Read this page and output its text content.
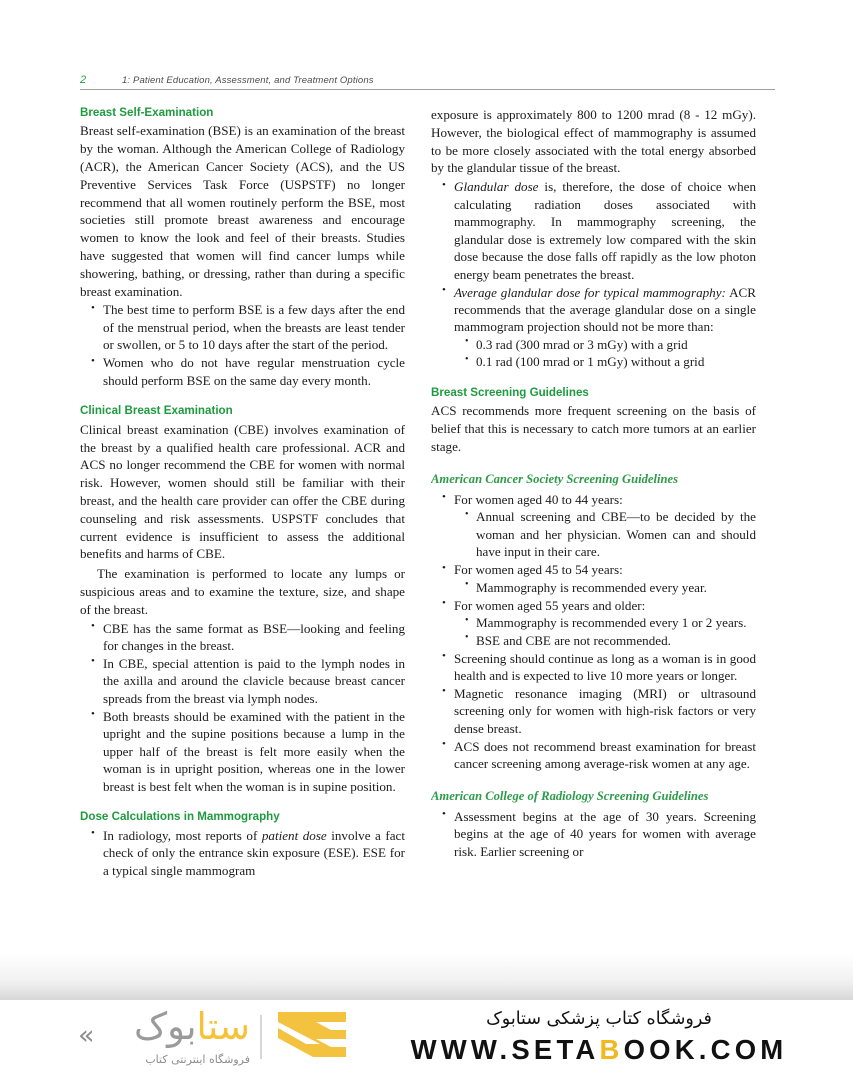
2	1: Patient Education, Assessment, and Treatment Options
Breast Self-Examination

Breast self-examination (BSE) is an examination of the breast by the woman. Although the American College of Radiology (ACR), the American Cancer Society (ACS), and the US Preventive Services Task Force (USPSTF) no longer recommend that all women routinely perform the BSE, most societies still promote breast awareness and encourage women to know the look and feel of their breasts. Studies have suggested that women will find cancer lumps while showering, bathing, or dressing, rather than during a specific breast examination.

• The best time to perform BSE is a few days after the end of the menstrual period, when the breasts are least tender or swollen, or 5 to 10 days after the start of the period.
• Women who do not have regular menstruation cycle should perform BSE on the same day every month.
Clinical Breast Examination

Clinical breast examination (CBE) involves examination of the breast by a qualified health care professional. ACR and ACS no longer recommend the CBE for women with normal risk. However, women should still be familiar with their breast, and the health care provider can offer the CBE during counseling and risk assessments. USPSTF concludes that current evidence is insufficient to assess the additional benefits and harms of CBE.

The examination is performed to locate any lumps or suspicious areas and to examine the texture, size, and shape of the breast.

• CBE has the same format as BSE—looking and feeling for changes in the breast.
• In CBE, special attention is paid to the lymph nodes in the axilla and around the clavicle because breast cancer spreads from the breast via lymph nodes.
• Both breasts should be examined with the patient in the upright and the supine positions because a lump in the upper half of the breast is felt more easily when the woman is in upright position, whereas one in the lower breast is best felt when the woman is in supine position.
Dose Calculations in Mammography
• In radiology, most reports of patient dose involve a fact check of only the entrance skin exposure (ESE). ESE for a typical single mammogram

exposure is approximately 800 to 1200 mrad (8 - 12 mGy). However, the biological effect of mammography is assumed to be more closely associated with the total energy absorbed by the glandular tissue of the breast.

• Glandular dose is, therefore, the dose of choice when calculating radiation doses associated with mammography. In mammography screening, the glandular dose is extremely low compared with the skin dose because the dose falls off rapidly as the low photon energy beam penetrates the breast.
• Average glandular dose for typical mammography: ACR recommends that the average glandular dose on a single mammogram projection should not be more than:
• 0.3 rad (300 mrad or 3 mGy) with a grid
• 0.1 rad (100 mrad or 1 mGy) without a grid
Breast Screening Guidelines

ACS recommends more frequent screening on the basis of belief that this is necessary to catch more tumors at an earlier stage.

American Cancer Society Screening Guidelines
• For women aged 40 to 44 years:
• Annual screening and CBE—to be decided by the woman and her physician. Women can and should have input in their care.
• For women aged 45 to 54 years:
• Mammography is recommended every year.
• For women aged 55 years and older:
• Mammography is recommended every 1 or 2 years.
• BSE and CBE are not recommended.
• Screening should continue as long as a woman is in good health and is expected to live 10 more years or longer.
• Magnetic resonance imaging (MRI) or ultrasound screening only for women with high-risk factors or very dense breast.
• ACS does not recommend breast examination for breast cancer screening among average-risk women at any age.
American College of Radiology Screening Guidelines
• Assessment begins at the age of 30 years. Screening begins at the age of 40 years for women with average risk. Earlier screening or
«	ستابوک
فروشگاه اینترنتی کتاب
فروشگاه کتاب پزشکی ستابوک
WWW.SETABOOK.COM
